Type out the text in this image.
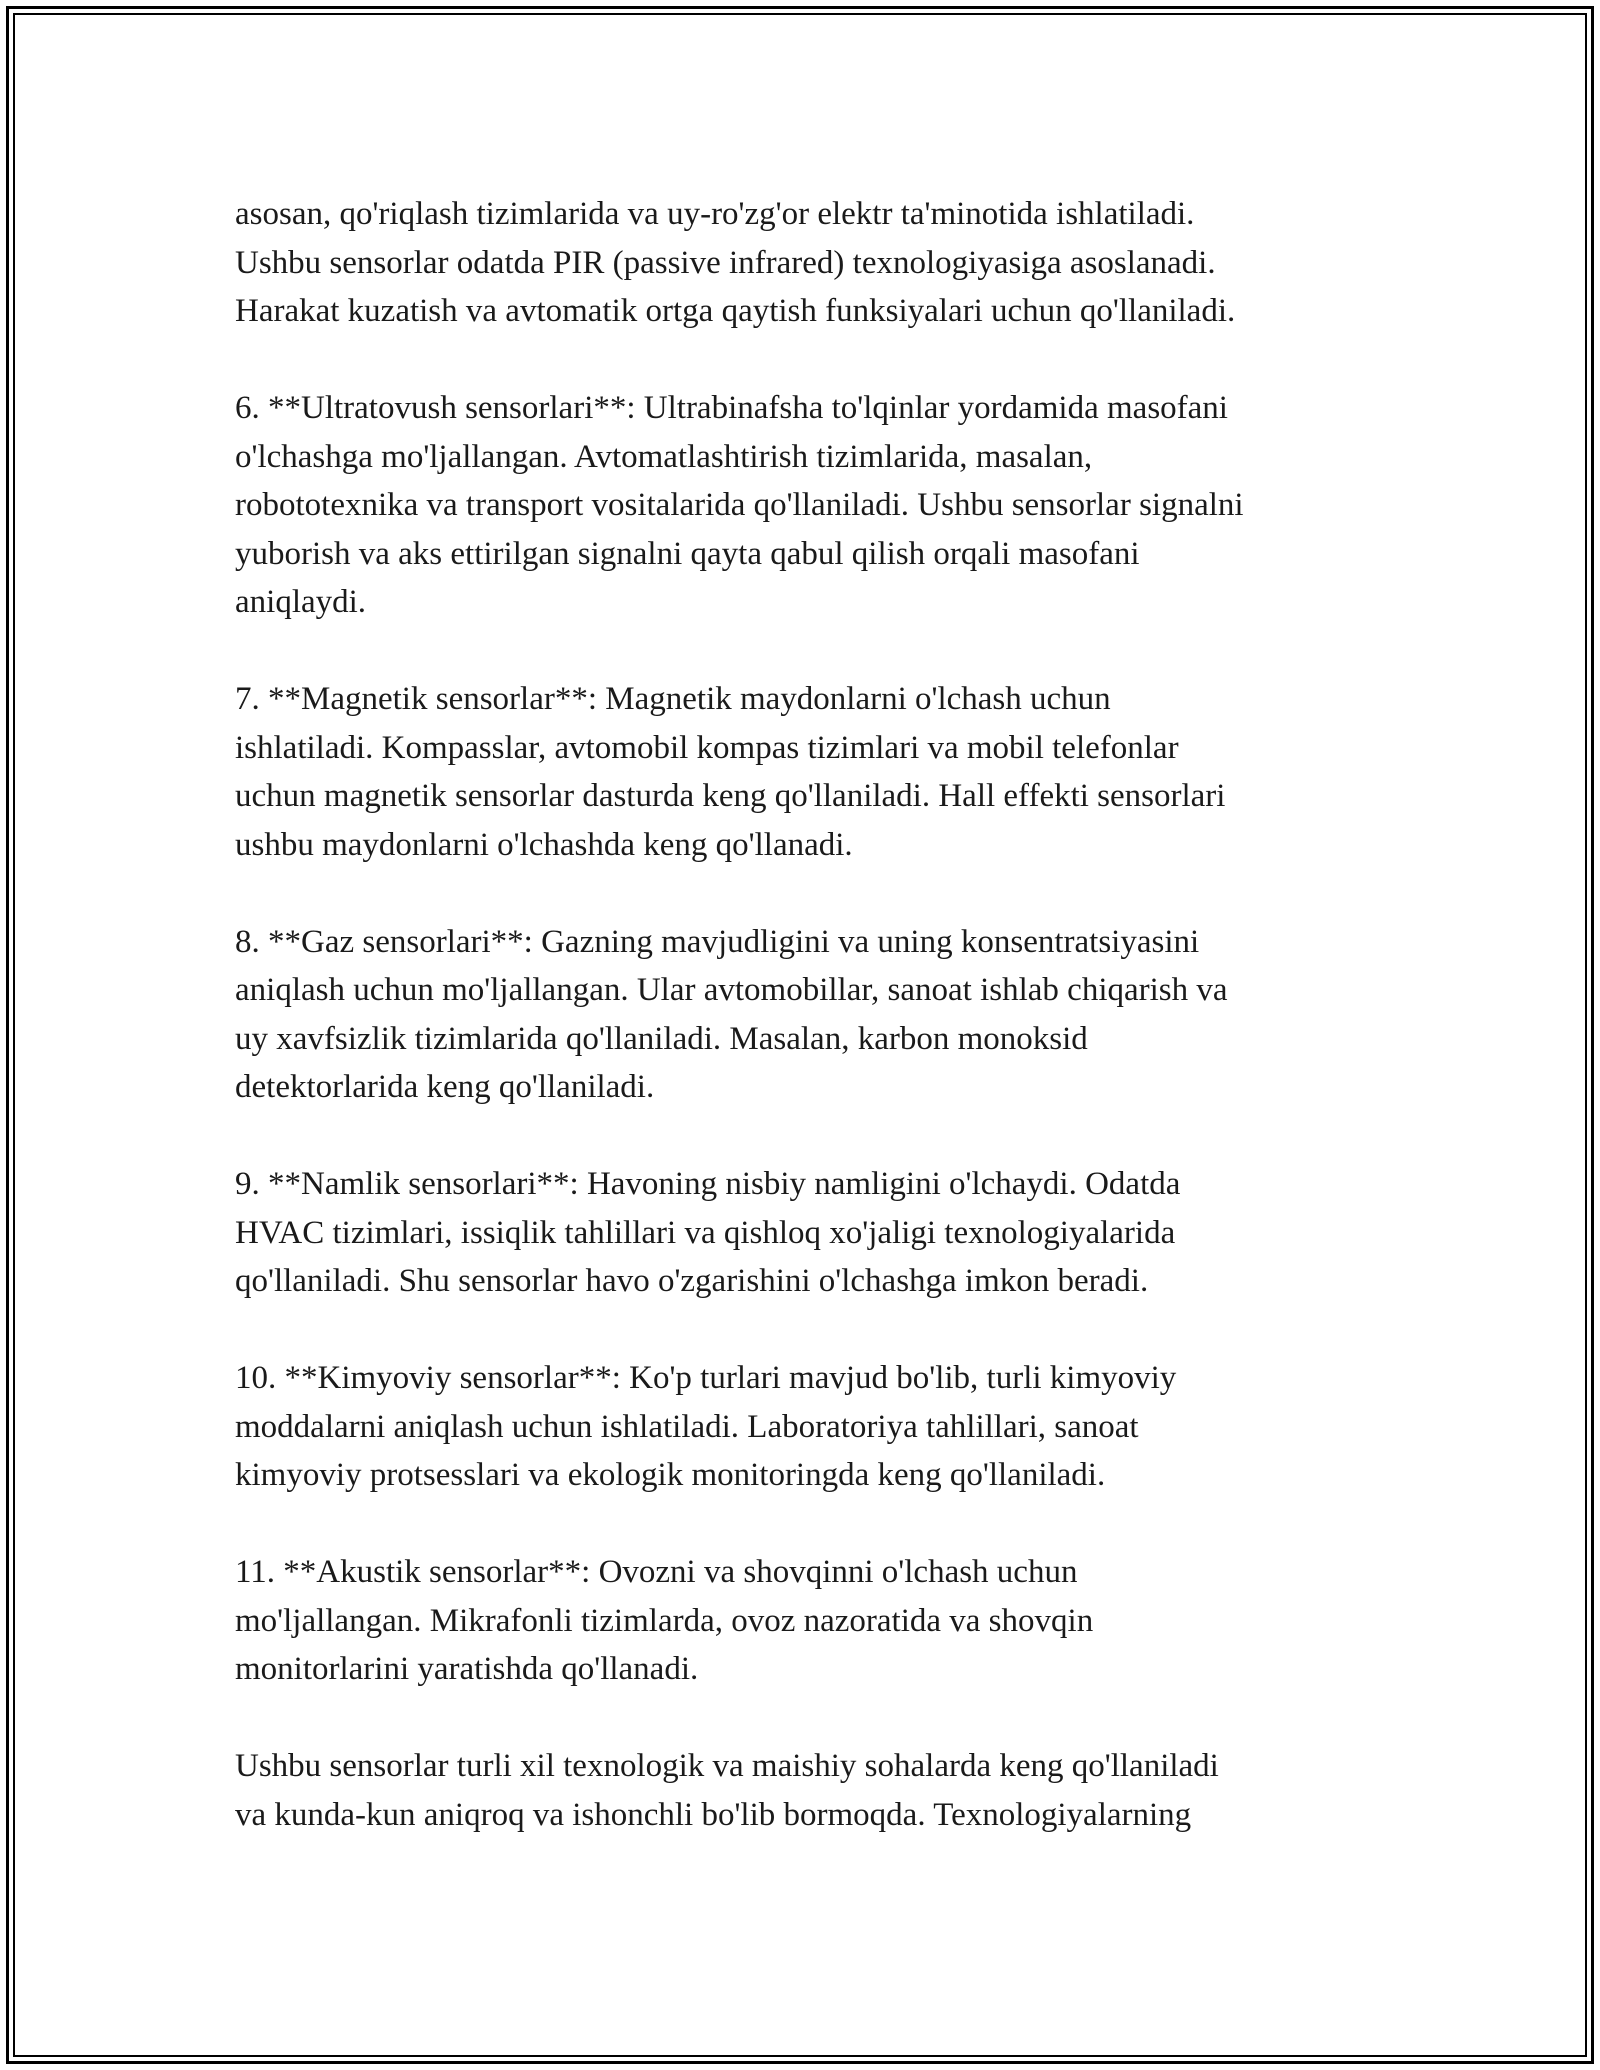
asosan, qo'riqlash tizimlarida va uy-ro'zg'or elektr ta'minotida ishlatiladi.
Ushbu sensorlar odatda PIR (passive infrared) texnologiyasiga asoslanadi.
Harakat kuzatish va avtomatik ortga qaytish funksiyalari uchun qo'llaniladi.

6. **Ultratovush sensorlari**: Ultrabinafsha to'lqinlar yordamida masofani
o'lchashga mo'ljallangan. Avtomatlashtirish tizimlarida, masalan,
robototexnika va transport vositalarida qo'llaniladi. Ushbu sensorlar signalni
yuborish va aks ettirilgan signalni qayta qabul qilish orqali masofani
aniqlaydi.

7. **Magnetik sensorlar**: Magnetik maydonlarni o'lchash uchun
ishlatiladi. Kompasslar, avtomobil kompas tizimlari va mobil telefonlar
uchun magnetik sensorlar dasturda keng qo'llaniladi. Hall effekti sensorlari
ushbu maydonlarni o'lchashda keng qo'llanadi.

8. **Gaz sensorlari**: Gazning mavjudligini va uning konsentratsiyasini
aniqlash uchun mo'ljallangan. Ular avtomobillar, sanoat ishlab chiqarish va
uy xavfsizlik tizimlarida qo'llaniladi. Masalan, karbon monoksid
detektorlarida keng qo'llaniladi.

9. **Namlik sensorlari**: Havoning nisbiy namligini o'lchaydi. Odatda
HVAC tizimlari, issiqlik tahlillari va qishloq xo'jaligi texnologiyalarida
qo'llaniladi. Shu sensorlar havo o'zgarishini o'lchashga imkon beradi.

10. **Kimyoviy sensorlar**: Ko'p turlari mavjud bo'lib, turli kimyoviy
moddalarni aniqlash uchun ishlatiladi. Laboratoriya tahlillari, sanoat
kimyoviy protsesslari va ekologik monitoringda keng qo'llaniladi.

11. **Akustik sensorlar**: Ovozni va shovqinni o'lchash uchun
mo'ljallangan. Mikrafonli tizimlarda, ovoz nazoratida va shovqin
monitorlarini yaratishda qo'llanadi.

Ushbu sensorlar turli xil texnologik va maishiy sohalarda keng qo'llaniladi
va kunda-kun aniqroq va ishonchli bo'lib bormoqda. Texnologiyalarning
